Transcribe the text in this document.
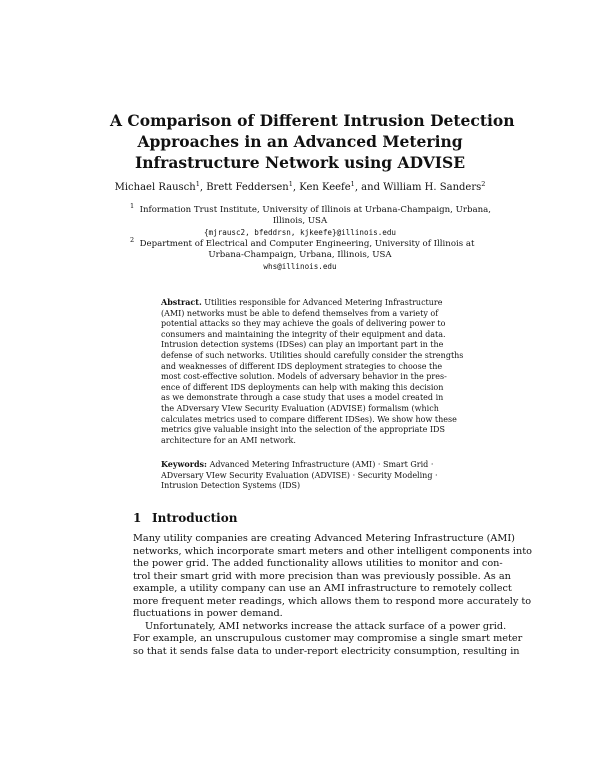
A Comparison of Different Intrusion Detection
Approaches in an Advanced Metering
Infrastructure Network using ADVISE
Michael Rausch$^1$, Brett Feddersen$^1$, Ken Keefe$^1$, and William H. Sanders$^2$
$^1$ Information Trust Institute, University of Illinois at Urbana-Champaign, Urbana,
Illinois, USA
{mjrausc2, bfeddrsn, kjkeefe}@illinois.edu
$^2$ Department of Electrical and Computer Engineering, University of Illinois at
Urbana-Champaign, Urbana, Illinois, USA
whs@illinois.edu
Abstract. Utilities responsible for Advanced Metering Infrastructure
(AMI) networks must be able to defend themselves from a variety of
potential attacks so they may achieve the goals of delivering power to
consumers and maintaining the integrity of their equipment and data.
Intrusion detection systems (IDSes) can play an important part in the
defense of such networks. Utilities should carefully consider the strengths
and weaknesses of different IDS deployment strategies to choose the
most cost-effective solution. Models of adversary behavior in the pres-
ence of different IDS deployments can help with making this decision
as we demonstrate through a case study that uses a model created in
the ADversary VIew Security Evaluation (ADVISE) formalism (which
calculates metrics used to compare different IDSes). We show how these
metrics give valuable insight into the selection of the appropriate IDS
architecture for an AMI network.
Keywords: Advanced Metering Infrastructure (AMI) · Smart Grid ·
ADversary VIew Security Evaluation (ADVISE) · Security Modeling ·
Intrusion Detection Systems (IDS)
1 Introduction
Many utility companies are creating Advanced Metering Infrastructure (AMI)
networks, which incorporate smart meters and other intelligent components into
the power grid. The added functionality allows utilities to monitor and con-
trol their smart grid with more precision than was previously possible. As an
example, a utility company can use an AMI infrastructure to remotely collect
more frequent meter readings, which allows them to respond more accurately to
fluctuations in power demand.
Unfortunately, AMI networks increase the attack surface of a power grid.
For example, an unscrupulous customer may compromise a single smart meter
so that it sends false data to under-report electricity consumption, resulting in
